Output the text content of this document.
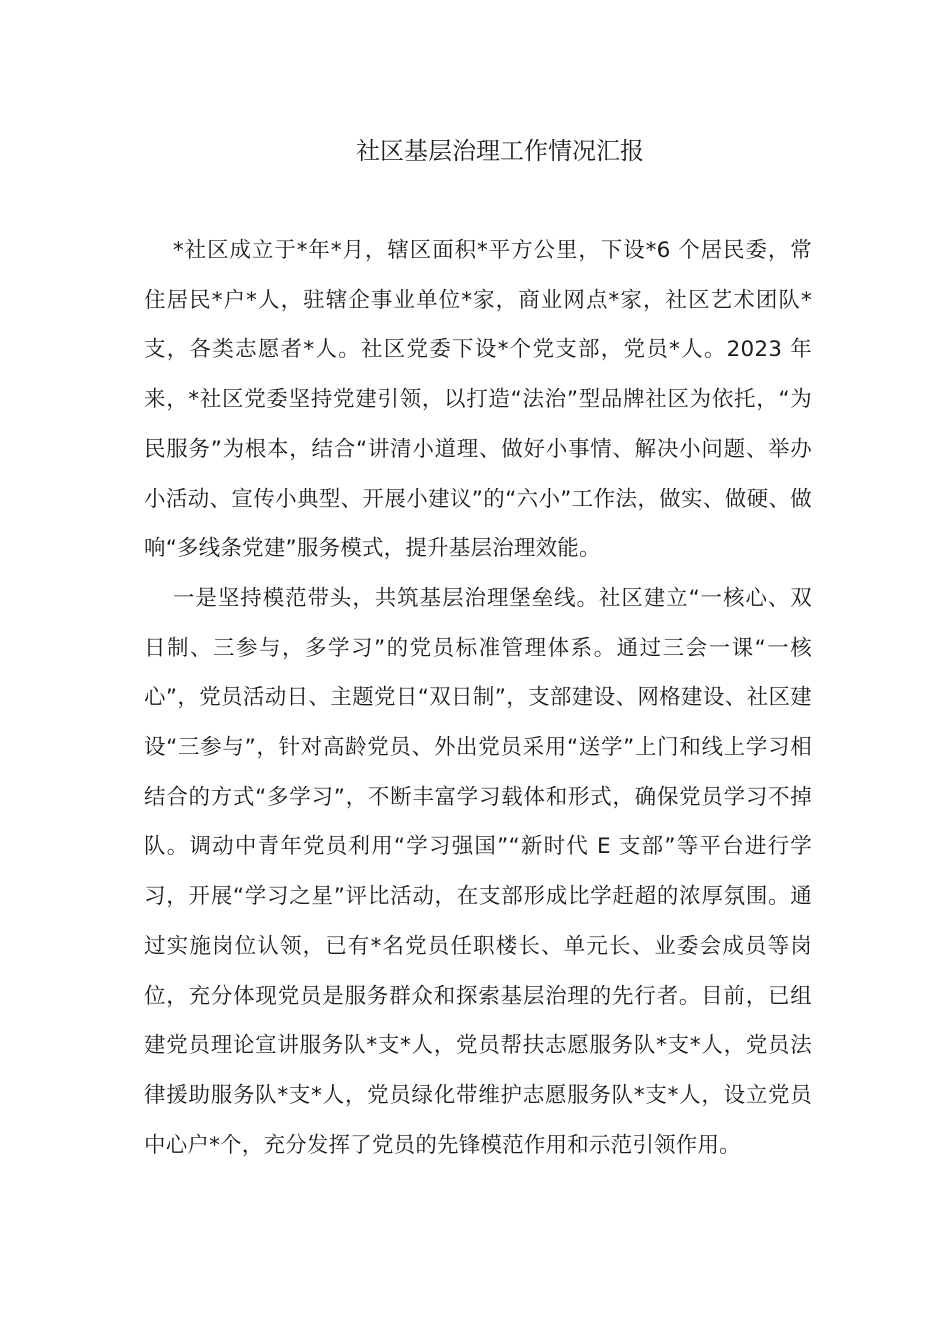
社区基层治理工作情况汇报

*社区成立于*年*月，辖区面积*平方公里，下设*6 个居民委，常住居民*户*人，驻辖企事业单位*家，商业网点*家，社区艺术团队*支，各类志愿者*人。社区党委下设*个党支部，党员*人。2023 年来，*社区党委坚持党建引领，以打造“法治”型品牌社区为依托，“为民服务”为根本，结合“讲清小道理、做好小事情、解决小问题、举办小活动、宣传小典型、开展小建议”的“六小”工作法，做实、做硬、做响“多线条党建”服务模式，提升基层治理效能。

一是坚持模范带头，共筑基层治理堡垒线。社区建立“一核心、双日制、三参与，多学习”的党员标准管理体系。通过三会一课“一核心”，党员活动日、主题党日“双日制”，支部建设、网格建设、社区建设“三参与”，针对高龄党员、外出党员采用“送学”上门和线上学习相结合的方式“多学习”，不断丰富学习载体和形式，确保党员学习不掉队。调动中青年党员利用“学习强国”“新时代 E 支部”等平台进行学习，开展“学习之星”评比活动，在支部形成比学赶超的浓厚氛围。通过实施岗位认领，已有*名党员任职楼长、单元长、业委会成员等岗位，充分体现党员是服务群众和探索基层治理的先行者。目前，已组建党员理论宣讲服务队*支*人，党员帮扶志愿服务队*支*人，党员法律援助服务队*支*人，党员绿化带维护志愿服务队*支*人，设立党员中心户*个，充分发挥了党员的先锋模范作用和示范引领作用。
